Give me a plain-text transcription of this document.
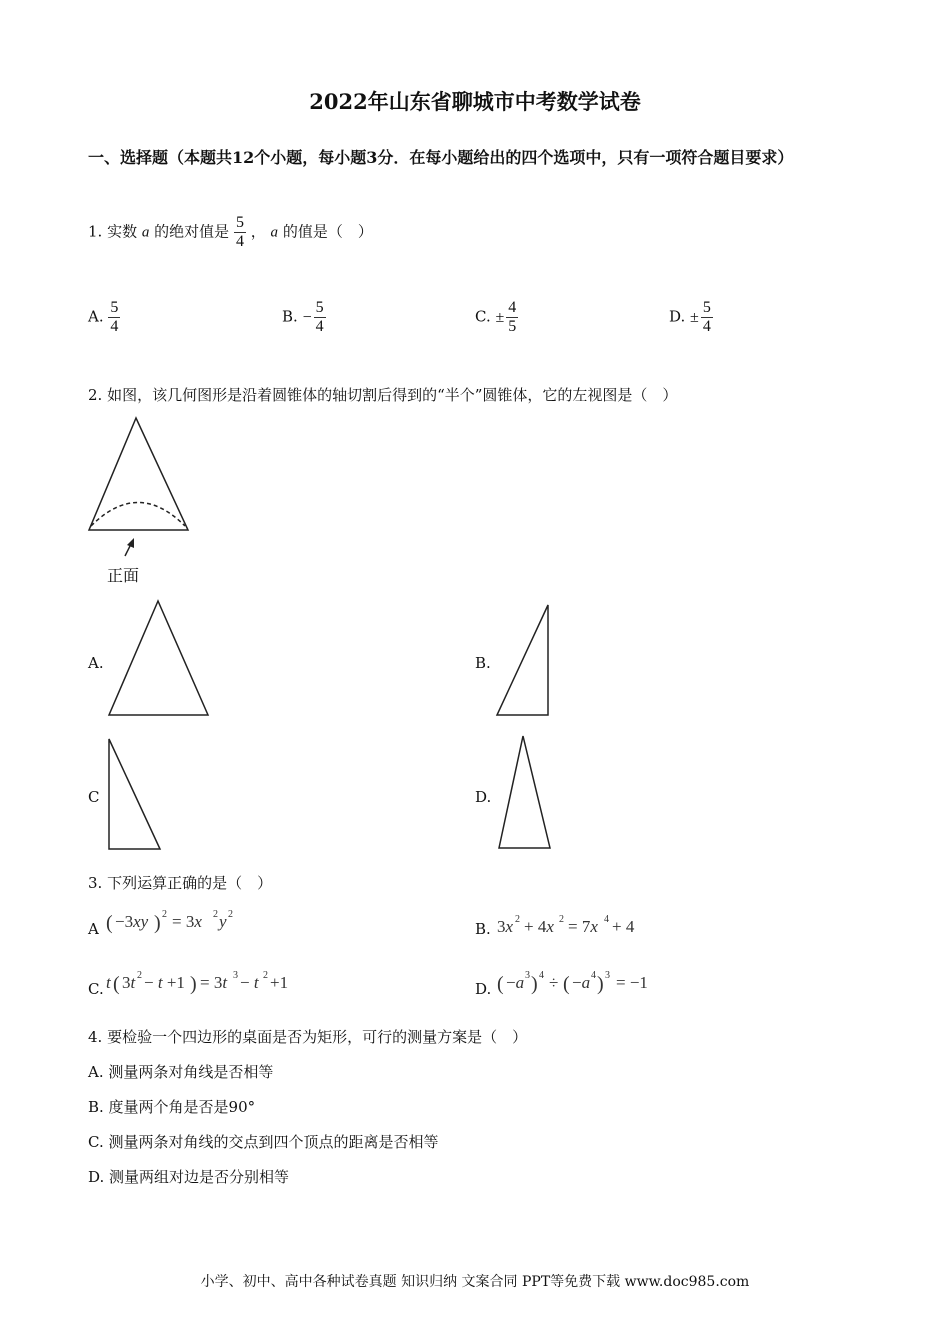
2022年山东省聊城市中考数学试卷
一、选择题（本题共12个小题，每小题3分．在每小题给出的四个选项中，只有一项符合题目要求）
1. 实数 a 的绝对值是 $\frac{5}{4}$ ， a 的值是（　）
A. $\frac{5}{4}$	B. − $\frac{5}{4}$	C. ± $\frac{4}{5}$	D. ± $\frac{5}{4}$
2. 如图，该几何图形是沿着圆锥体的轴切割后得到的“半个”圆锥体，它的左视图是（　）
正面
A.	B.
C	D.
3. 下列运算正确的是（　）
A ( −3xy ) 2 = 3x 2 y 2
B. 3x 2 + 4x 2 = 7x 4 + 4
C. t ( 3t 2 − t +1 ) = 3t 3 − t 2 +1	D. ( −a 3 ) 4 ÷ ( −a 4 ) 3 = −1
4. 要检验一个四边形的桌面是否为矩形，可行的测量方案是（　）
A. 测量两条对角线是否相等
B. 度量两个角是否是90°
C. 测量两条对角线的交点到四个顶点的距离是否相等
D. 测量两组对边是否分别相等
小学、初中、高中各种试卷真题 知识归纳 文案合同 PPT等免费下载 www.doc985.com
